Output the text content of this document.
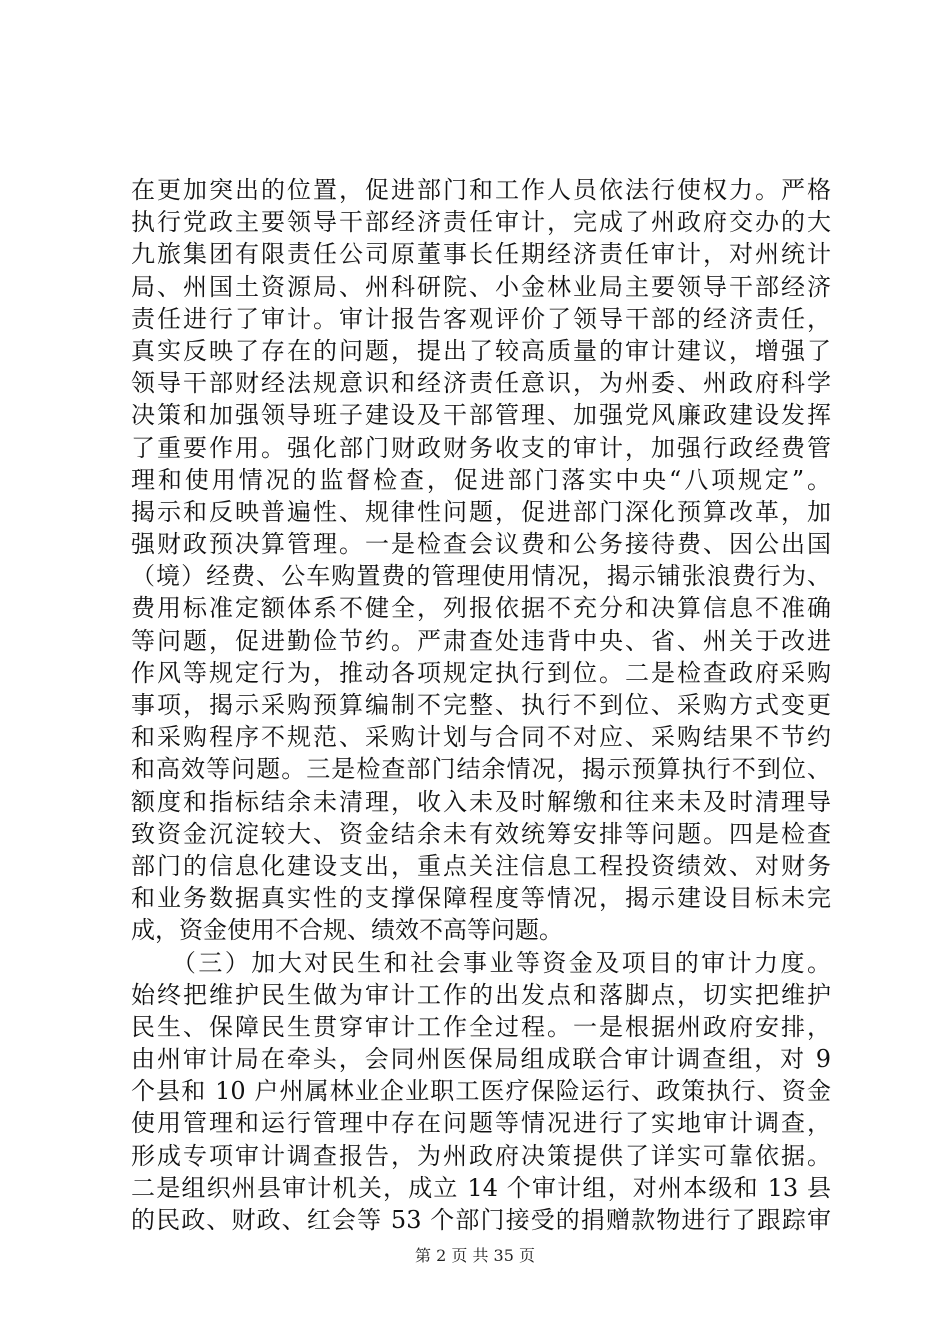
在更加突出的位置，促进部门和工作人员依法行使权力。严格
执行党政主要领导干部经济责任审计，完成了州政府交办的大
九旅集团有限责任公司原董事长任期经济责任审计，对州统计
局、州国土资源局、州科研院、小金林业局主要领导干部经济
责任进行了审计。审计报告客观评价了领导干部的经济责任，
真实反映了存在的问题，提出了较高质量的审计建议，增强了
领导干部财经法规意识和经济责任意识，为州委、州政府科学
决策和加强领导班子建设及干部管理、加强党风廉政建设发挥
了重要作用。强化部门财政财务收支的审计，加强行政经费管
理和使用情况的监督检查，促进部门落实中央“八项规定”。
揭示和反映普遍性、规律性问题，促进部门深化预算改革，加
强财政预决算管理。一是检查会议费和公务接待费、因公出国
（境）经费、公车购置费的管理使用情况，揭示铺张浪费行为、
费用标准定额体系不健全，列报依据不充分和决算信息不准确
等问题，促进勤俭节约。严肃查处违背中央、省、州关于改进
作风等规定行为，推动各项规定执行到位。二是检查政府采购
事项，揭示采购预算编制不完整、执行不到位、采购方式变更
和采购程序不规范、采购计划与合同不对应、采购结果不节约
和高效等问题。三是检查部门结余情况，揭示预算执行不到位、
额度和指标结余未清理，收入未及时解缴和往来未及时清理导
致资金沉淀较大、资金结余未有效统筹安排等问题。四是检查
部门的信息化建设支出，重点关注信息工程投资绩效、对财务
和业务数据真实性的支撑保障程度等情况，揭示建设目标未完
成，资金使用不合规、绩效不高等问题。
　　（三）加大对民生和社会事业等资金及项目的审计力度。
始终把维护民生做为审计工作的出发点和落脚点，切实把维护
民生、保障民生贯穿审计工作全过程。一是根据州政府安排，
由州审计局在牵头，会同州医保局组成联合审计调查组，对 9
个县和 10 户州属林业企业职工医疗保险运行、政策执行、资金
使用管理和运行管理中存在问题等情况进行了实地审计调查，
形成专项审计调查报告，为州政府决策提供了详实可靠依据。
二是组织州县审计机关，成立 14 个审计组，对州本级和 13 县
的民政、财政、红会等 53 个部门接受的捐赠款物进行了跟踪审
第 2 页 共 35 页
